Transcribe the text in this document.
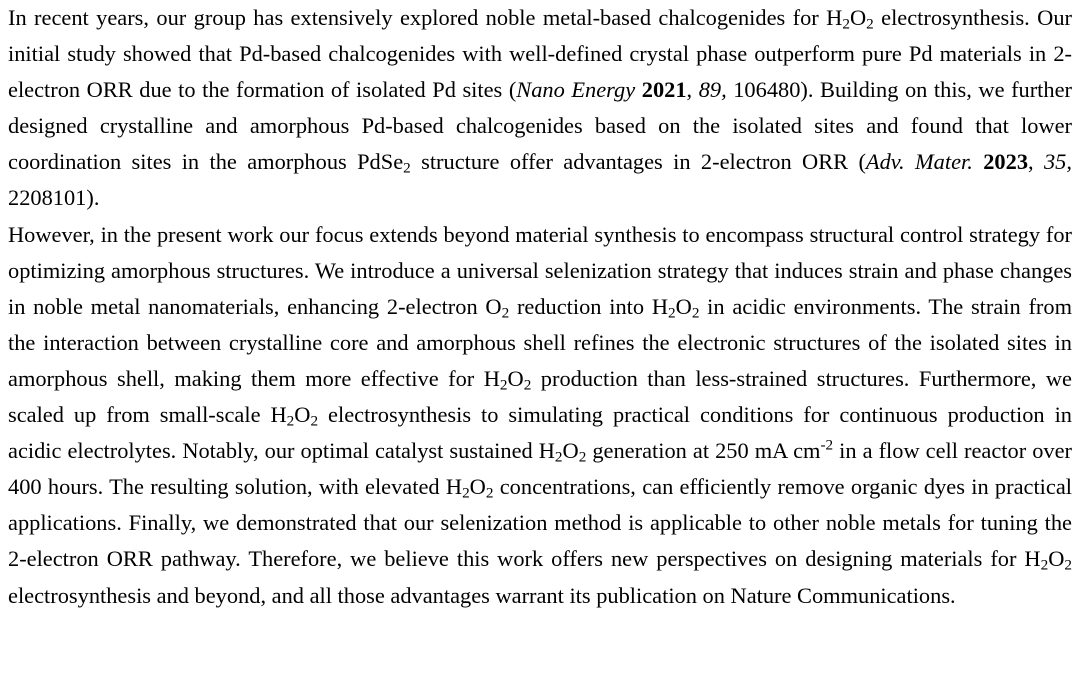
In recent years, our group has extensively explored noble metal-based chalcogenides for $H_2O_2$ electrosynthesis. Our initial study showed that Pd-based chalcogenides with well-defined crystal phase outperform pure Pd materials in 2-electron ORR due to the formation of isolated Pd sites (Nano Energy 2021, 89, 106480). Building on this, we further designed crystalline and amorphous Pd-based chalcogenides based on the isolated sites and found that lower coordination sites in the amorphous PdSe$_2$ structure offer advantages in 2-electron ORR (Adv. Mater. 2023, 35, 2208101).

However, in the present work our focus extends beyond material synthesis to encompass structural control strategy for optimizing amorphous structures. We introduce a universal selenization strategy that induces strain and phase changes in noble metal nanomaterials, enhancing 2-electron $O_2$ reduction into $H_2O_2$ in acidic environments. The strain from the interaction between crystalline core and amorphous shell refines the electronic structures of the isolated sites in amorphous shell, making them more effective for $H_2O_2$ production than less-strained structures. Furthermore, we scaled up from small-scale $H_2O_2$ electrosynthesis to simulating practical conditions for continuous production in acidic electrolytes. Notably, our optimal catalyst sustained $H_2O_2$ generation at 250 mA $cm^{-2}$ in a flow cell reactor over 400 hours. The resulting solution, with elevated $H_2O_2$ concentrations, can efficiently remove organic dyes in practical applications. Finally, we demonstrated that our selenization method is applicable to other noble metals for tuning the 2-electron ORR pathway. Therefore, we believe this work offers new perspectives on designing materials for $H_2O_2$ electrosynthesis and beyond, and all those advantages warrant its publication on Nature Communications.
